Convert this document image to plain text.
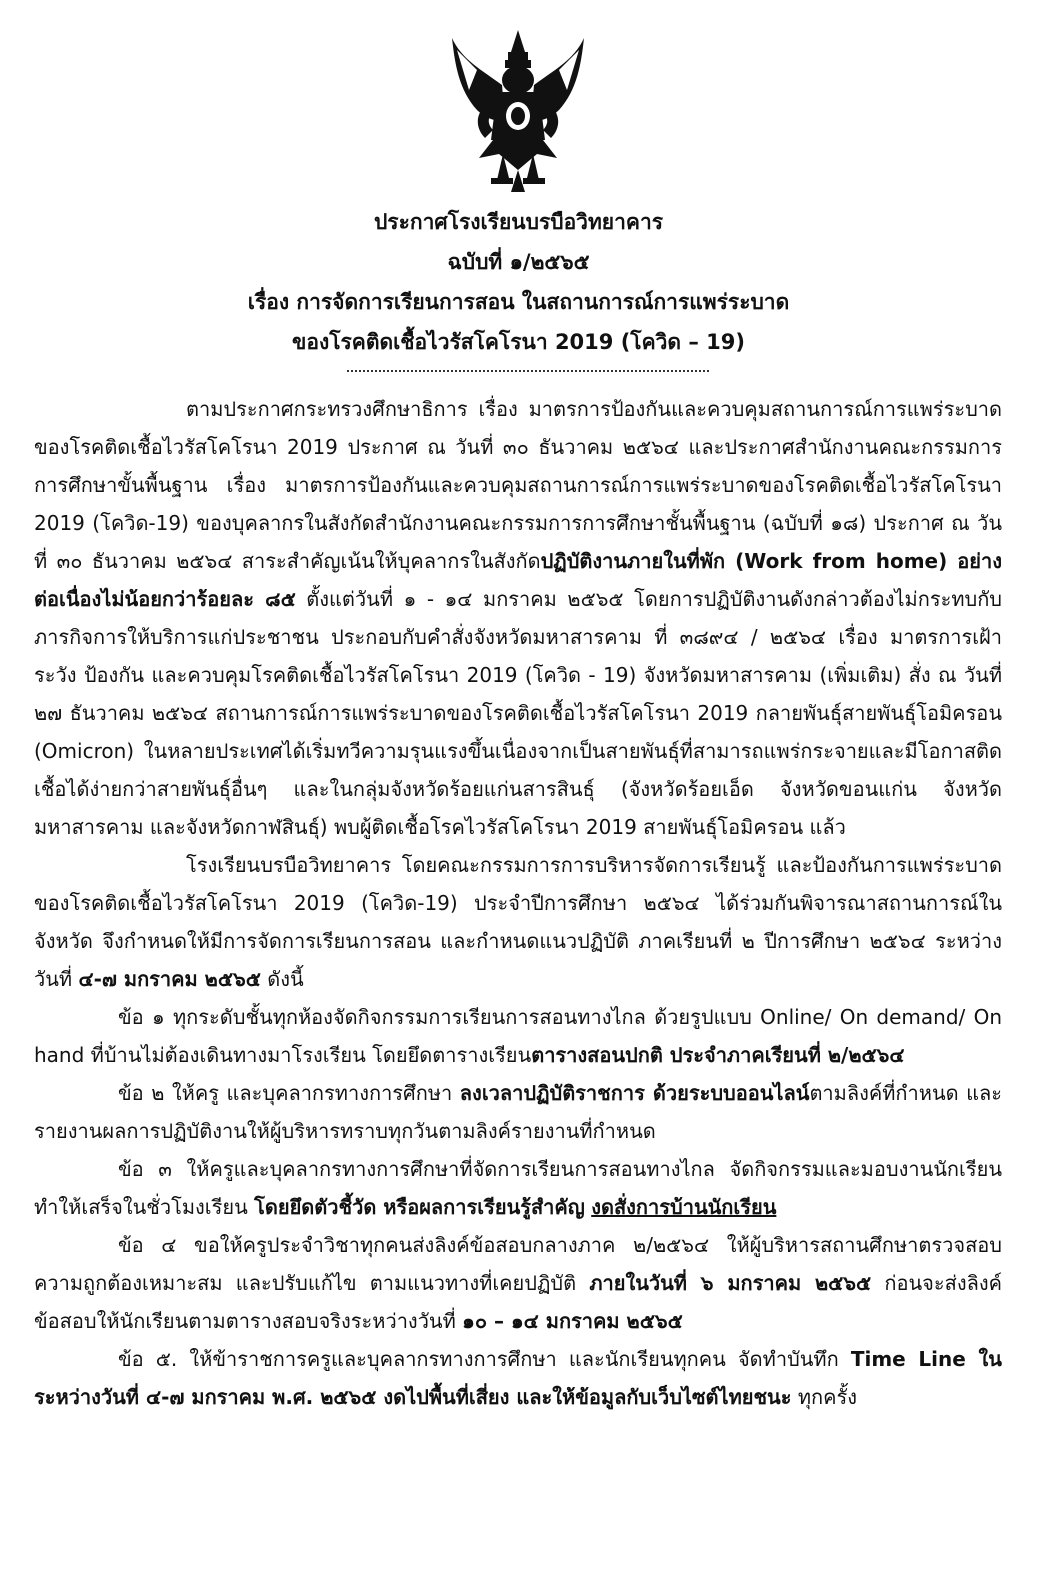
ประกาศโรงเรียนบรบือวิทยาคาร
ฉบับที่ ๑/๒๕๖๕
เรื่อง การจัดการเรียนการสอน ในสถานการณ์การแพร่ระบาด
ของโรคติดเชื้อไวรัสโคโรนา 2019 (โควิด – 19)

ตามประกาศกระทรวงศึกษาธิการ เรื่อง มาตรการป้องกันและควบคุมสถานการณ์การแพร่ระบาดของโรคติดเชื้อไวรัสโคโรนา 2019 ประกาศ ณ วันที่ ๓๐ ธันวาคม ๒๕๖๔ และประกาศสำนักงานคณะกรรมการการศึกษาขั้นพื้นฐาน เรื่อง มาตรการป้องกันและควบคุมสถานการณ์การแพร่ระบาดของโรคติดเชื้อไวรัสโคโรนา 2019 (โควิด-19) ของบุคลากรในสังกัดสำนักงานคณะกรรมการการศึกษาชั้นพื้นฐาน (ฉบับที่ ๑๘) ประกาศ ณ วันที่ ๓๐ ธันวาคม ๒๕๖๔ สาระสำคัญเน้นให้บุคลากรในสังกัดปฏิบัติงานภายในที่พัก (Work from home) อย่างต่อเนื่องไม่น้อยกว่าร้อยละ ๘๕ ตั้งแต่วันที่ ๑ - ๑๔ มกราคม ๒๕๖๕ โดยการปฏิบัติงานดังกล่าวต้องไม่กระทบกับภารกิจการให้บริการแก่ประชาชน ประกอบกับคำสั่งจังหวัดมหาสารคาม ที่ ๓๘๙๔ / ๒๕๖๔ เรื่อง มาตรการเฝ้าระวัง ป้องกัน และควบคุมโรคติดเชื้อไวรัสโคโรนา 2019 (โควิด - 19) จังหวัดมหาสารคาม (เพิ่มเติม) สั่ง ณ วันที่ ๒๗ ธันวาคม ๒๕๖๔ สถานการณ์การแพร่ระบาดของโรคติดเชื้อไวรัสโคโรนา 2019 กลายพันธุ์สายพันธุ์โอมิครอน (Omicron) ในหลายประเทศได้เริ่มทวีความรุนแรงขึ้นเนื่องจากเป็นสายพันธุ์ที่สามารถแพร่กระจายและมีโอกาสติดเชื้อได้ง่ายกว่าสายพันธุ์อื่นๆ และในกลุ่มจังหวัดร้อยแก่นสารสินธุ์ (จังหวัดร้อยเอ็ด จังหวัดขอนแก่น จังหวัดมหาสารคาม และจังหวัดกาฬสินธุ์) พบผู้ติดเชื้อโรคไวรัสโคโรนา 2019 สายพันธุ์โอมิครอน แล้ว

โรงเรียนบรบือวิทยาคาร โดยคณะกรรมการการบริหารจัดการเรียนรู้ และป้องกันการแพร่ระบาดของโรคติดเชื้อไวรัสโคโรนา 2019 (โควิด-19) ประจำปีการศึกษา ๒๕๖๔ ได้ร่วมกันพิจารณาสถานการณ์ในจังหวัด จึงกำหนดให้มีการจัดการเรียนการสอน และกำหนดแนวปฏิบัติ ภาคเรียนที่ ๒ ปีการศึกษา ๒๕๖๔ ระหว่างวันที่ ๔-๗ มกราคม ๒๕๖๕ ดังนี้

ข้อ ๑ ทุกระดับชั้นทุกห้องจัดกิจกรรมการเรียนการสอนทางไกล ด้วยรูปแบบ Online/ On demand/ On hand ที่บ้านไม่ต้องเดินทางมาโรงเรียน โดยยึดตารางเรียนตารางสอนปกติ ประจำภาคเรียนที่ ๒/๒๕๖๔

ข้อ ๒ ให้ครู และบุคลากรทางการศึกษา ลงเวลาปฏิบัติราชการ ด้วยระบบออนไลน์ตามลิงค์ที่กำหนด และรายงานผลการปฏิบัติงานให้ผู้บริหารทราบทุกวันตามลิงค์รายงานที่กำหนด

ข้อ ๓ ให้ครูและบุคลากรทางการศึกษาที่จัดการเรียนการสอนทางไกล จัดกิจกรรมและมอบงานนักเรียนทำให้เสร็จในชั่วโมงเรียน โดยยึดตัวชี้วัด หรือผลการเรียนรู้สำคัญ งดสั่งการบ้านนักเรียน

ข้อ ๔ ขอให้ครูประจำวิชาทุกคนส่งลิงค์ข้อสอบกลางภาค ๒/๒๕๖๔ ให้ผู้บริหารสถานศึกษาตรวจสอบความถูกต้องเหมาะสม และปรับแก้ไข ตามแนวทางที่เคยปฏิบัติ ภายในวันที่ ๖ มกราคม ๒๕๖๕ ก่อนจะส่งลิงค์ข้อสอบให้นักเรียนตามตารางสอบจริงระหว่างวันที่ ๑๐ – ๑๔ มกราคม ๒๕๖๕

ข้อ ๕. ให้ข้าราชการครูและบุคลากรทางการศึกษา และนักเรียนทุกคน จัดทำบันทึก Time Line ในระหว่างวันที่ ๔-๗ มกราคม พ.ศ. ๒๕๖๕ งดไปพื้นที่เสี่ยง และให้ข้อมูลกับเว็บไซต์ไทยชนะ ทุกครั้ง
